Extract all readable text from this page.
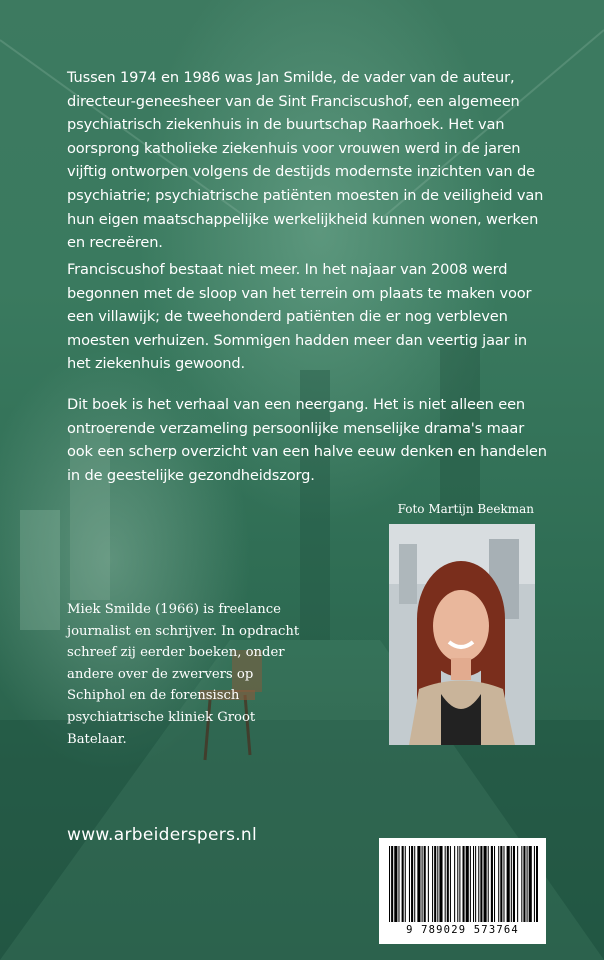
Tussen 1974 en 1986 was Jan Smilde, de vader van de auteur, directeur-geneesheer van de Sint Franciscushof, een algemeen psychiatrisch ziekenhuis in de buurtschap Raarhoek. Het van oorsprong katholieke ziekenhuis voor vrouwen werd in de jaren vijftig ontworpen volgens de destijds modernste inzichten van de psychiatrie; psychiatrische patiënten moesten in de veiligheid van hun eigen maatschappelijke werkelijkheid kunnen wonen, werken en recreëren.

Franciscushof bestaat niet meer. In het najaar van 2008 werd begonnen met de sloop van het terrein om plaats te maken voor een villawijk; de tweehonderd patiënten die er nog verbleven moesten verhuizen. Sommigen hadden meer dan veertig jaar in het ziekenhuis gewoond.

Dit boek is het verhaal van een neergang. Het is niet alleen een ontroerende verzameling persoonlijke menselijke drama's maar ook een scherp overzicht van een halve eeuw denken en handelen in de geestelijke gezondheidszorg.

Foto Martijn Beekman

Miek Smilde (1966) is freelance journalist en schrijver. In opdracht schreef zij eerder boeken, onder andere over de zwervers op Schiphol en de forensisch psychiatrische kliniek Groot Batelaar.

www.arbeiderspers.nl

9 789029 573764
